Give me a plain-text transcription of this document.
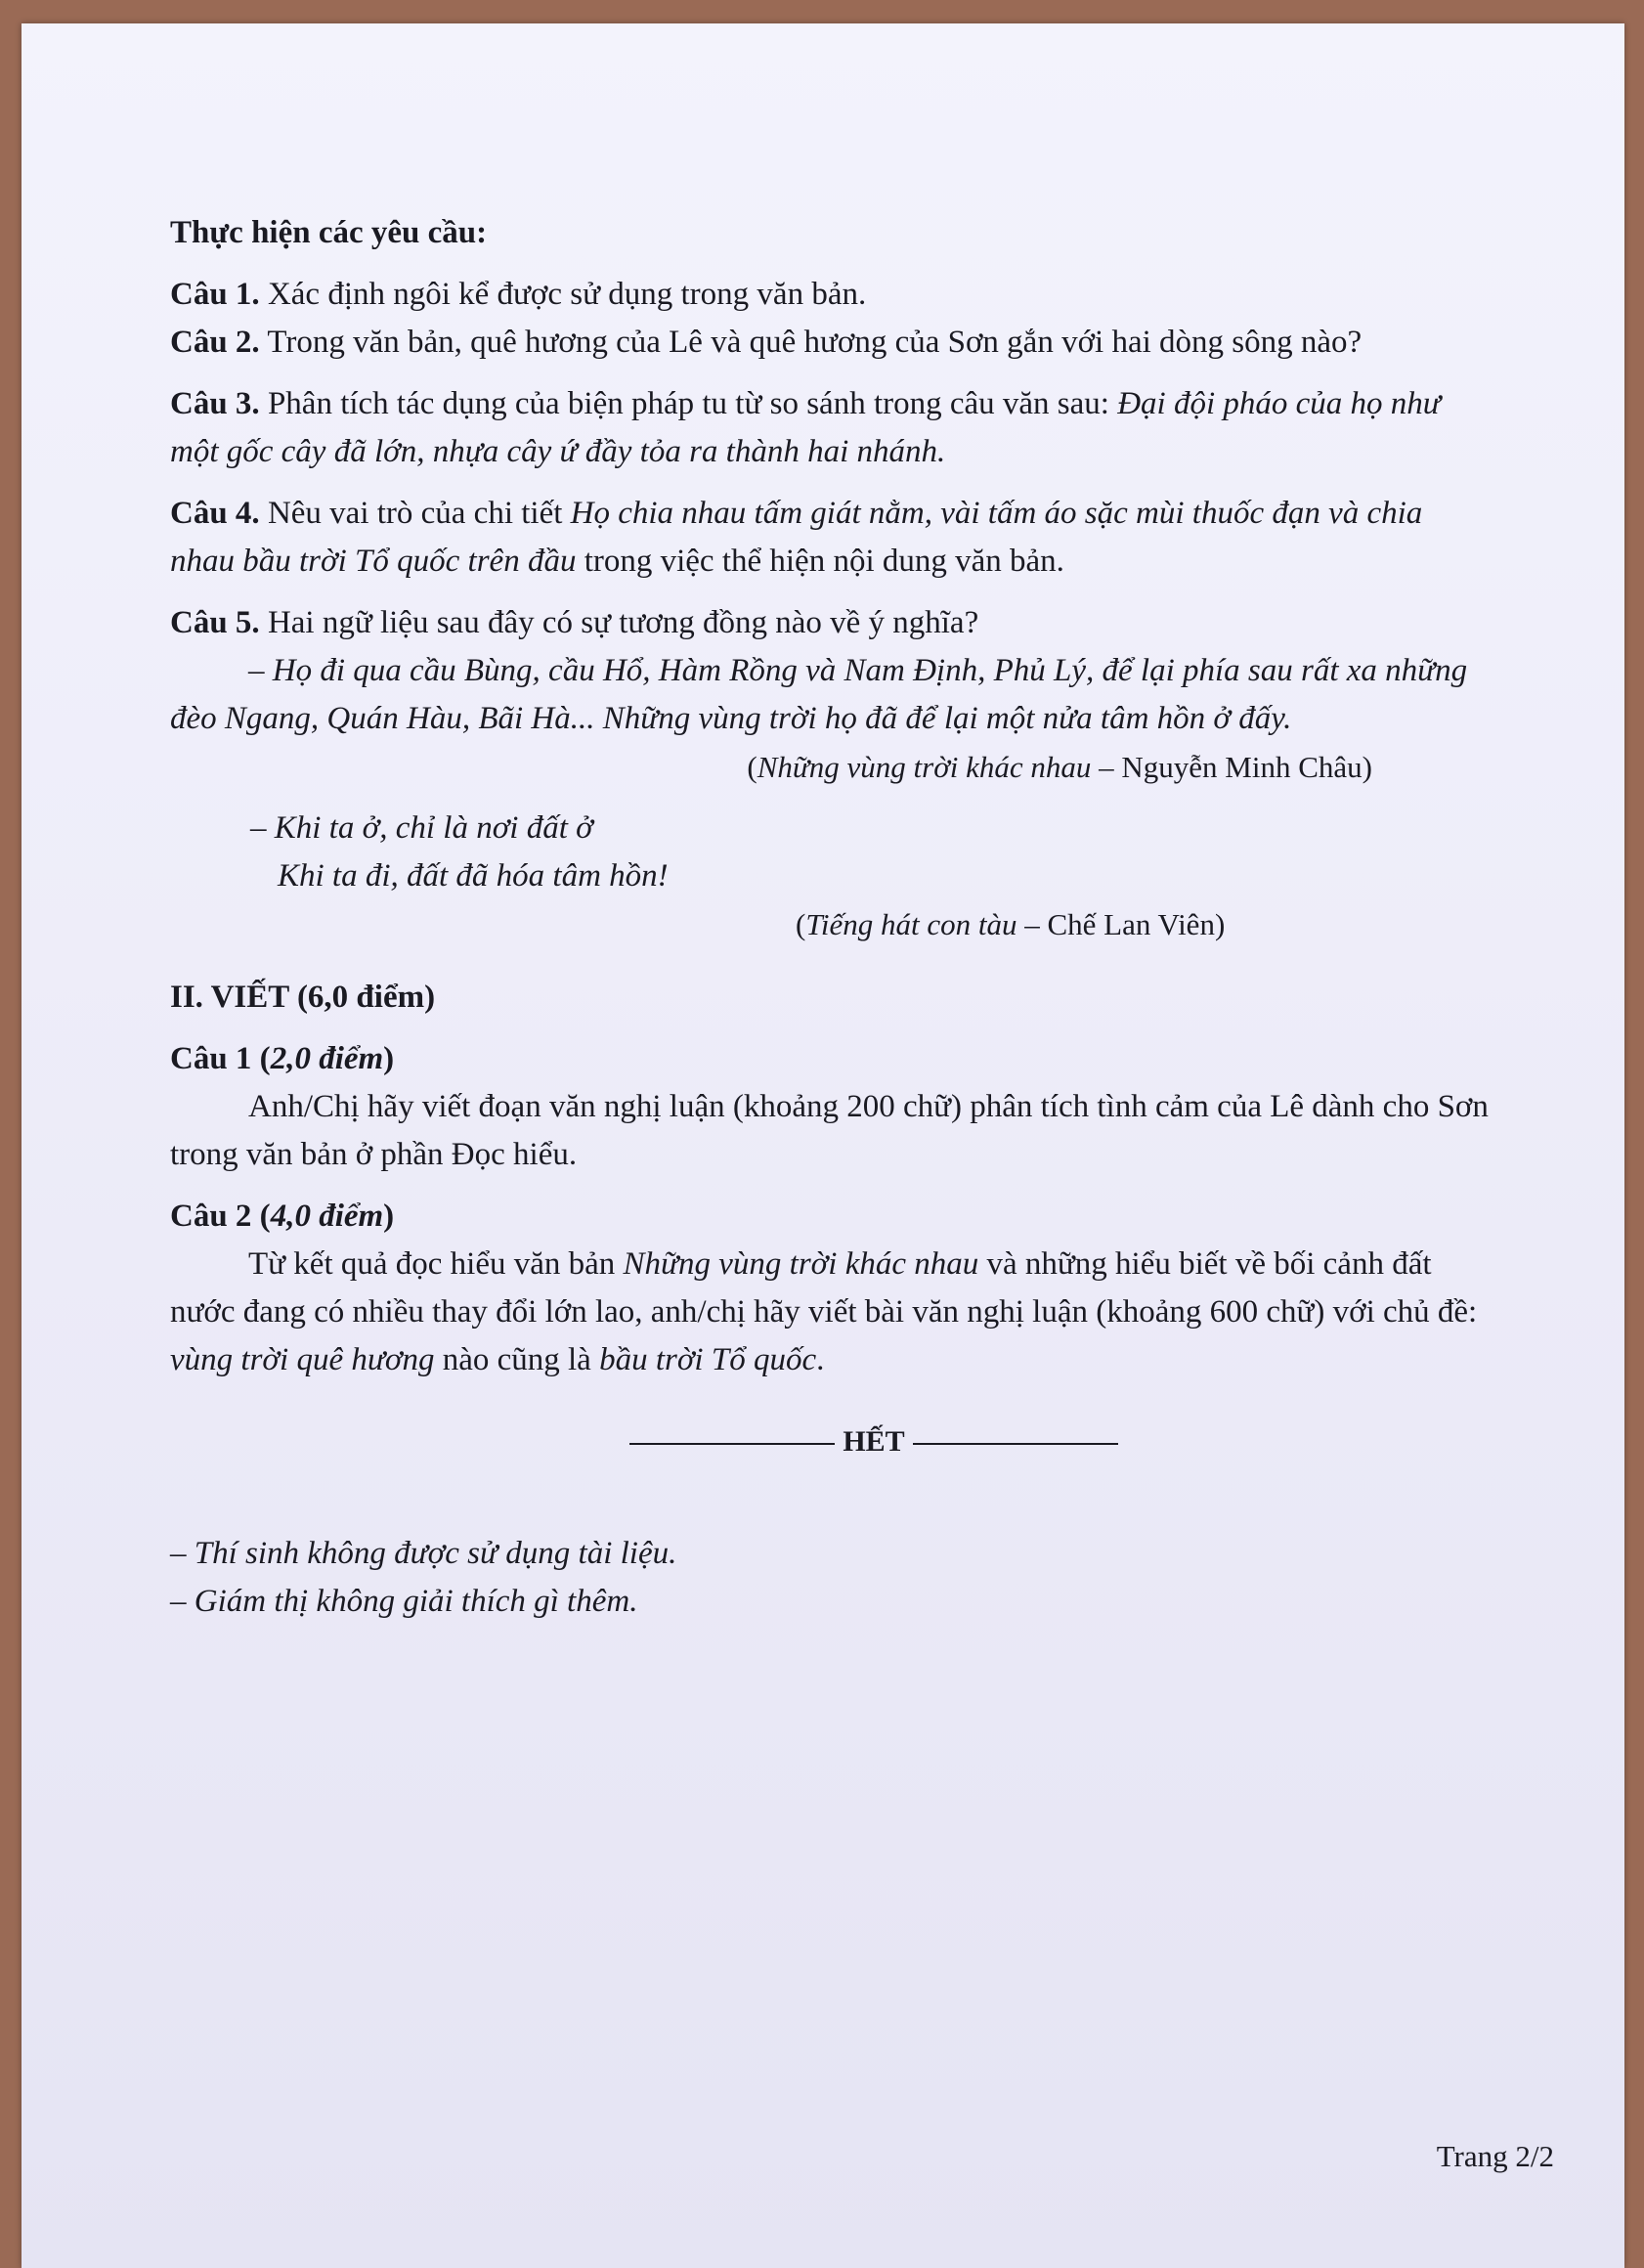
Thực hiện các yêu cầu:

Câu 1. Xác định ngôi kể được sử dụng trong văn bản.

Câu 2. Trong văn bản, quê hương của Lê và quê hương của Sơn gắn với hai dòng sông nào?

Câu 3. Phân tích tác dụng của biện pháp tu từ so sánh trong câu văn sau: Đại đội pháo của họ như

một gốc cây đã lớn, nhựa cây ứ đầy tỏa ra thành hai nhánh.

Câu 4. Nêu vai trò của chi tiết Họ chia nhau tấm giát nằm, vài tấm áo sặc mùi thuốc đạn và chia

nhau bầu trời Tổ quốc trên đầu trong việc thể hiện nội dung văn bản.

Câu 5. Hai ngữ liệu sau đây có sự tương đồng nào về ý nghĩa?

– Họ đi qua cầu Bùng, cầu Hổ, Hàm Rồng và Nam Định, Phủ Lý, để lại phía sau rất xa những

đèo Ngang, Quán Hàu, Bãi Hà... Những vùng trời họ đã để lại một nửa tâm hồn ở đấy.

(Những vùng trời khác nhau – Nguyễn Minh Châu)

– Khi ta ở, chỉ là nơi đất ở

Khi ta đi, đất đã hóa tâm hồn!

(Tiếng hát con tàu – Chế Lan Viên)

II. VIẾT (6,0 điểm)

Câu 1 (2,0 điểm)

Anh/Chị hãy viết đoạn văn nghị luận (khoảng 200 chữ) phân tích tình cảm của Lê dành cho Sơn

trong văn bản ở phần Đọc hiểu.

Câu 2 (4,0 điểm)

Từ kết quả đọc hiểu văn bản Những vùng trời khác nhau và những hiểu biết về bối cảnh đất

nước đang có nhiều thay đổi lớn lao, anh/chị hãy viết bài văn nghị luận (khoảng 600 chữ) với chủ đề:

vùng trời quê hương nào cũng là bầu trời Tổ quốc.

HẾT

– Thí sinh không được sử dụng tài liệu.

– Giám thị không giải thích gì thêm.

Trang 2/2
